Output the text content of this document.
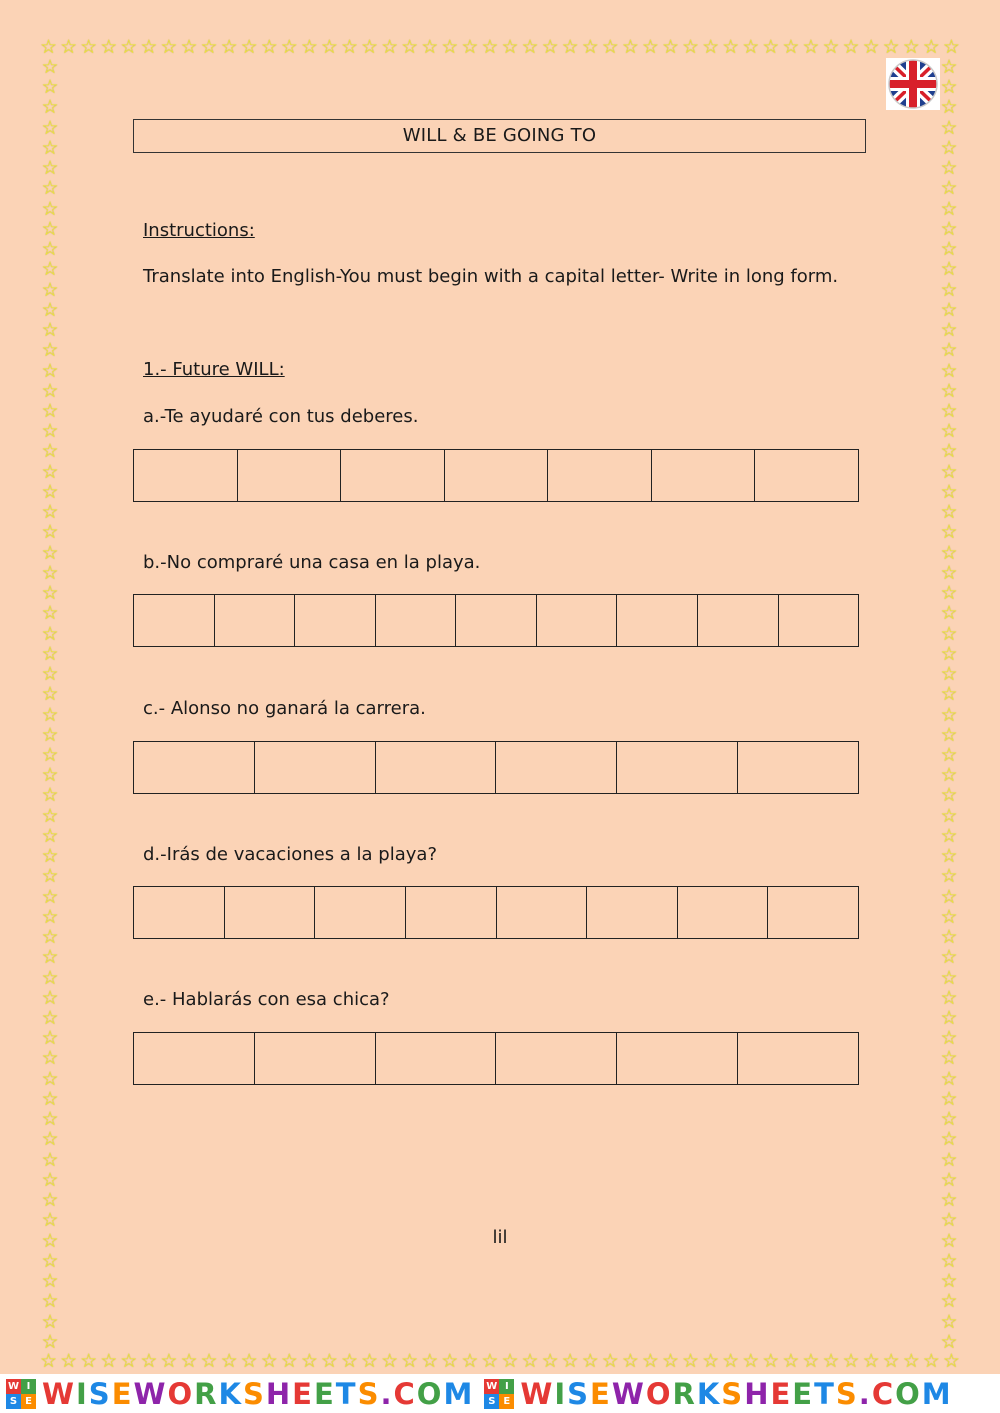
☆ ☆ ☆ ☆ ☆ ☆ ☆ ☆ ☆ ☆ ☆ ☆ ☆ ☆ ☆ ☆ ☆ ☆ ☆ ☆ ☆ ☆ ☆ ☆ ☆ ☆ ☆ ☆ ☆ ☆ ☆ ☆ ☆ ☆ ☆ ☆ ☆ ☆ ☆ ☆ ☆ ☆ ☆ ☆ ☆ ☆
☆ ☆ ☆ ☆ ☆ ☆ ☆ ☆ ☆ ☆ ☆ ☆ ☆ ☆ ☆ ☆ ☆ ☆ ☆ ☆ ☆ ☆ ☆ ☆ ☆ ☆ ☆ ☆ ☆ ☆ ☆ ☆ ☆ ☆ ☆ ☆ ☆ ☆ ☆ ☆ ☆ ☆ ☆ ☆ ☆ ☆
☆
☆
☆
☆
☆
☆
☆
☆
☆
☆
☆
☆
☆
☆
☆
☆
☆
☆
☆
☆
☆
☆
☆
☆
☆
☆
☆
☆
☆
☆
☆
☆
☆
☆
☆
☆
☆
☆
☆
☆
☆
☆
☆
☆
☆
☆
☆
☆
☆
☆
☆
☆
☆
☆
☆
☆
☆
☆
☆
☆
☆
☆
☆
☆
☆
☆
☆
☆
☆
☆
☆
☆
☆
☆
☆
☆
☆
☆
☆
☆
☆
☆
☆
☆
☆
☆
☆
☆
☆
☆
☆
☆
☆
☆
☆
☆
☆
☆
☆
☆
☆
☆
☆
☆
☆
☆
☆
☆
☆
☆
☆
☆
☆
☆
☆
☆
☆
☆
☆
☆
☆
☆
☆
☆
☆
☆
☆
☆
WILL & BE GOING TO
Instructions:
Translate into English-You must begin with a capital letter- Write in long form.
1.- Future WILL:
a.-Te ayudaré con tus deberes.
b.-No compraré una casa en la playa.
c.- Alonso no ganará la carrera.
d.-Irás de vacaciones a la playa?
e.- Hablarás con esa chica?
lil
W I
S E WISEWORKSHEETS.COM W I
S E WISEWORKSHEETS.COM
